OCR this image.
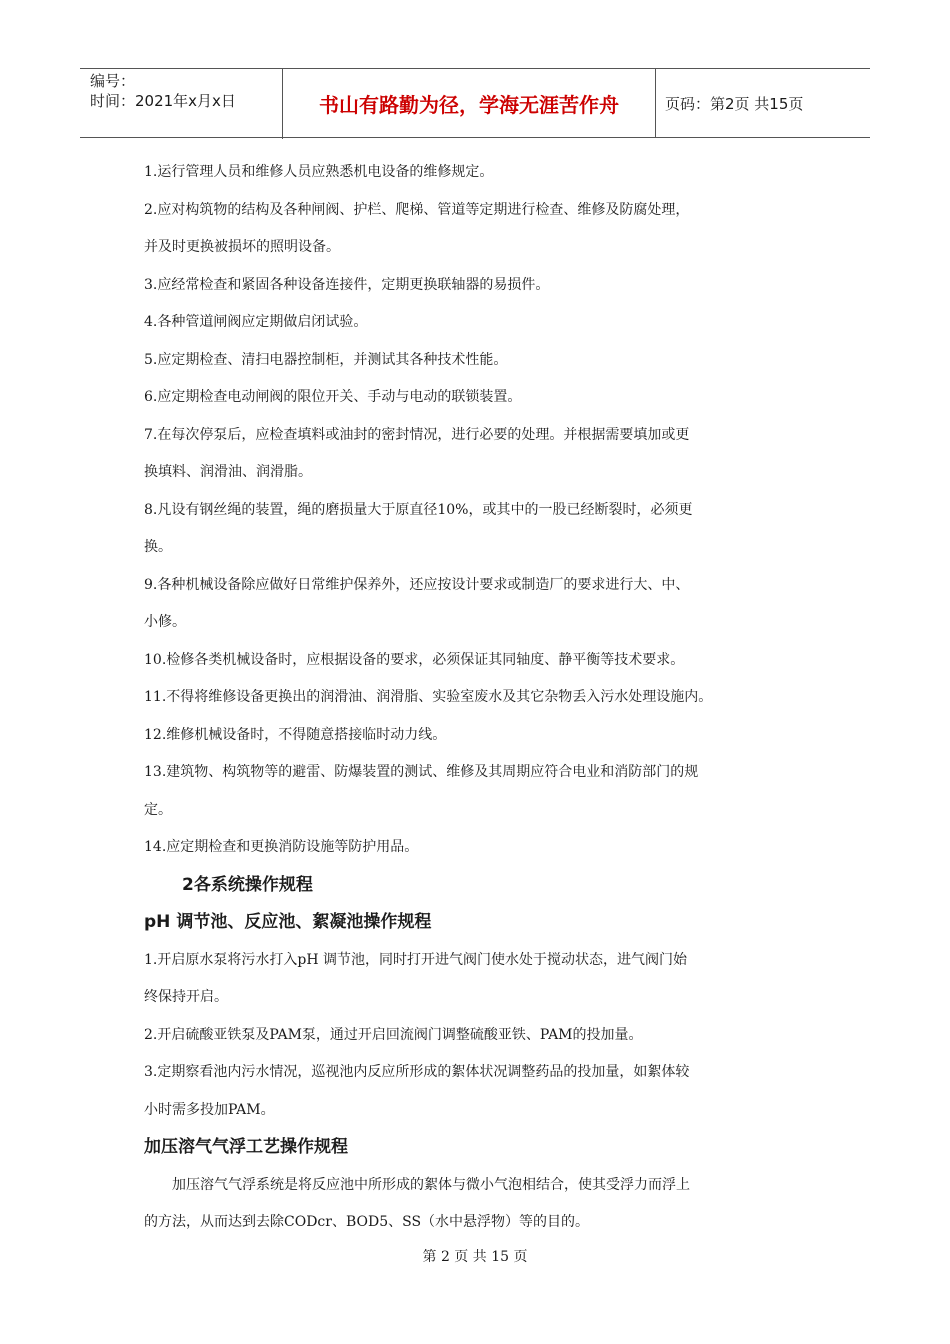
编号：
时间：2021年x月x日	书山有路勤为径，学海无涯苦作舟	页码：第2页 共15页

1.运行管理人员和维修人员应熟悉机电设备的维修规定。

2.应对构筑物的结构及各种闸阀、护栏、爬梯、管道等定期进行检查、维修及防腐处理，

并及时更换被损坏的照明设备。

3.应经常检查和紧固各种设备连接件，定期更换联轴器的易损件。

4.各种管道闸阀应定期做启闭试验。

5.应定期检查、清扫电器控制柜，并测试其各种技术性能。

6.应定期检查电动闸阀的限位开关、手动与电动的联锁装置。

7.在每次停泵后，应检查填料或油封的密封情况，进行必要的处理。并根据需要填加或更

换填料、润滑油、润滑脂。

8.凡设有钢丝绳的装置，绳的磨损量大于原直径10%，或其中的一股已经断裂时，必须更

换。

9.各种机械设备除应做好日常维护保养外，还应按设计要求或制造厂的要求进行大、中、

小修。

10.检修各类机械设备时，应根据设备的要求，必须保证其同轴度、静平衡等技术要求。

11.不得将维修设备更换出的润滑油、润滑脂、实验室废水及其它杂物丢入污水处理设施内。

12.维修机械设备时，不得随意搭接临时动力线。

13.建筑物、构筑物等的避雷、防爆装置的测试、维修及其周期应符合电业和消防部门的规

定。

14.应定期检查和更换消防设施等防护用品。

2各系统操作规程

pH 调节池、反应池、絮凝池操作规程

1.开启原水泵将污水打入pH 调节池，同时打开进气阀门使水处于搅动状态，进气阀门始

终保持开启。

2.开启硫酸亚铁泵及PAM泵，通过开启回流阀门调整硫酸亚铁、PAM的投加量。

3.定期察看池内污水情况，巡视池内反应所形成的絮体状况调整药品的投加量，如絮体较

小时需多投加PAM。

加压溶气气浮工艺操作规程

加压溶气气浮系统是将反应池中所形成的絮体与微小气泡相结合，使其受浮力而浮上

的方法，从而达到去除CODcr、BOD5、SS（水中悬浮物）等的目的。

第 2 页 共 15 页
